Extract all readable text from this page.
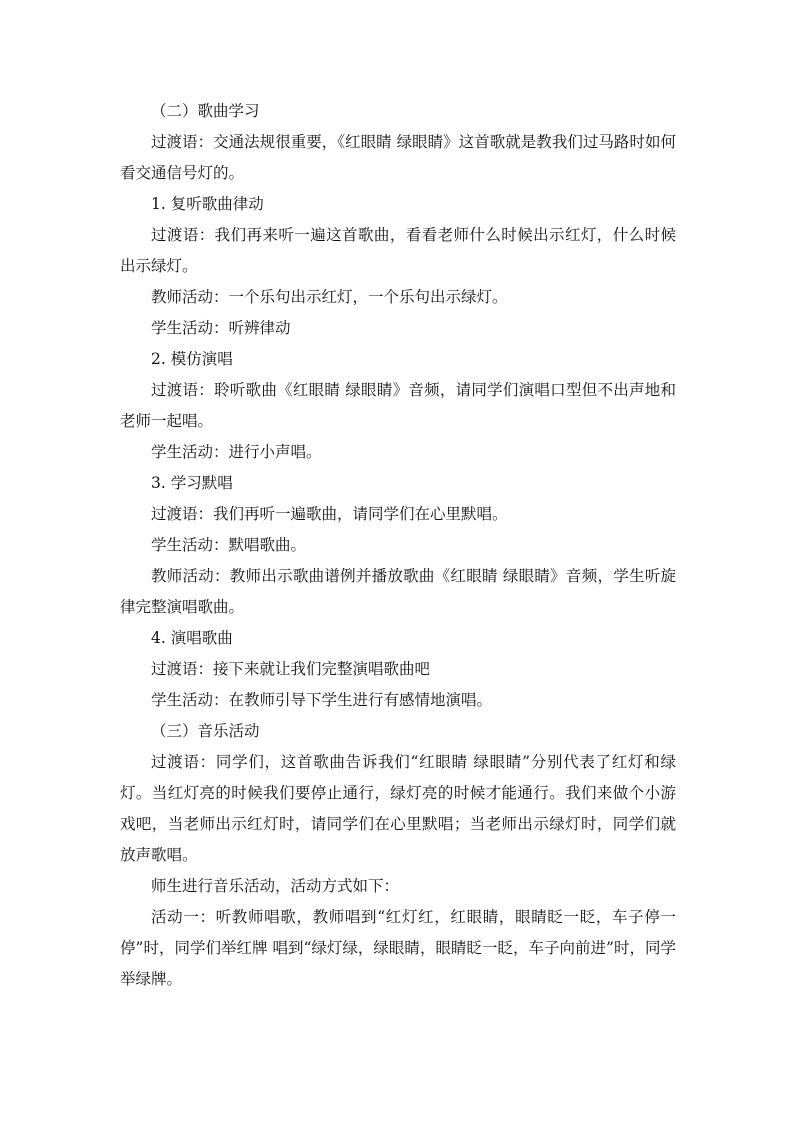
（二）歌曲学习

过渡语：交通法规很重要，《红眼睛 绿眼睛》这首歌就是教我们过马路时如何看交通信号灯的。

1. 复听歌曲律动

过渡语：我们再来听一遍这首歌曲，看看老师什么时候出示红灯，什么时候出示绿灯。

教师活动：一个乐句出示红灯，一个乐句出示绿灯。

学生活动：听辨律动

2. 模仿演唱

过渡语：聆听歌曲《红眼睛 绿眼睛》音频，请同学们演唱口型但不出声地和老师一起唱。

学生活动：进行小声唱。

3. 学习默唱

过渡语：我们再听一遍歌曲，请同学们在心里默唱。

学生活动：默唱歌曲。

教师活动：教师出示歌曲谱例并播放歌曲《红眼睛 绿眼睛》音频，学生听旋律完整演唱歌曲。

4. 演唱歌曲

过渡语：接下来就让我们完整演唱歌曲吧

学生活动：在教师引导下学生进行有感情地演唱。

（三）音乐活动

过渡语：同学们，这首歌曲告诉我们“红眼睛 绿眼睛”分别代表了红灯和绿灯。当红灯亮的时候我们要停止通行，绿灯亮的时候才能通行。我们来做个小游戏吧，当老师出示红灯时，请同学们在心里默唱；当老师出示绿灯时，同学们就放声歌唱。

师生进行音乐活动，活动方式如下：

活动一：听教师唱歌，教师唱到“红灯红，红眼睛，眼睛眨一眨，车子停一停”时，同学们举红牌 唱到“绿灯绿，绿眼睛，眼睛眨一眨，车子向前进”时，同学举绿牌。
